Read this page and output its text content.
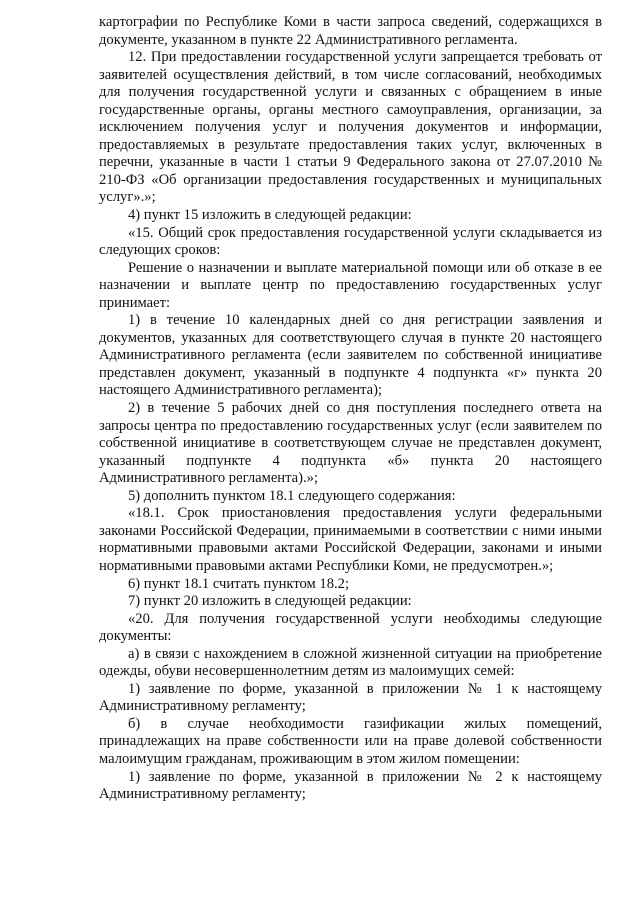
картографии по Республике Коми в части запроса сведений, содержащихся в документе, указанном в пункте 22 Административного регламента.

12. При предоставлении государственной услуги запрещается требовать от заявителей осуществления действий, в том числе согласований, необходимых для получения государственной услуги и связанных с обращением в иные государственные органы, органы местного самоуправления, организации, за исключением получения услуг и получения документов и информации, предоставляемых в результате предоставления таких услуг, включенных в перечни, указанные в части 1 статьи 9 Федерального закона от 27.07.2010 № 210-ФЗ «Об организации предоставления государственных и муниципальных услуг».»;

4) пункт 15 изложить в следующей редакции:

«15. Общий срок предоставления государственной услуги складывается из следующих сроков:

Решение о назначении и выплате материальной помощи или об отказе в ее назначении и выплате центр по предоставлению государственных услуг принимает:

1) в течение 10 календарных дней со дня регистрации заявления и документов, указанных для соответствующего случая в пункте 20 настоящего Административного регламента (если заявителем по собственной инициативе представлен документ, указанный в подпункте 4 подпункта «г» пункта 20 настоящего Административного регламента);

2) в течение 5 рабочих дней со дня поступления последнего ответа на запросы центра по предоставлению государственных услуг (если заявителем по собственной инициативе в соответствующем случае не представлен документ, указанный подпункте 4 подпункта «б» пункта 20 настоящего Административного регламента).»;

5) дополнить пунктом 18.1 следующего содержания:

«18.1. Срок приостановления предоставления услуги федеральными законами Российской Федерации, принимаемыми в соответствии с ними иными нормативными правовыми актами Российской Федерации, законами и иными нормативными правовыми актами Республики Коми, не предусмотрен.»;

6) пункт 18.1 считать пунктом 18.2;

7) пункт 20 изложить в следующей редакции:

«20. Для получения государственной услуги необходимы следующие документы:

а) в связи с нахождением в сложной жизненной ситуации на приобретение одежды, обуви несовершеннолетним детям из малоимущих семей:

1) заявление по форме, указанной в приложении № 1 к настоящему Административному регламенту;

б) в случае необходимости газификации жилых помещений, принадлежащих на праве собственности или на праве долевой собственности малоимущим гражданам, проживающим в этом жилом помещении:

1) заявление по форме, указанной в приложении № 2 к настоящему Административному регламенту;
